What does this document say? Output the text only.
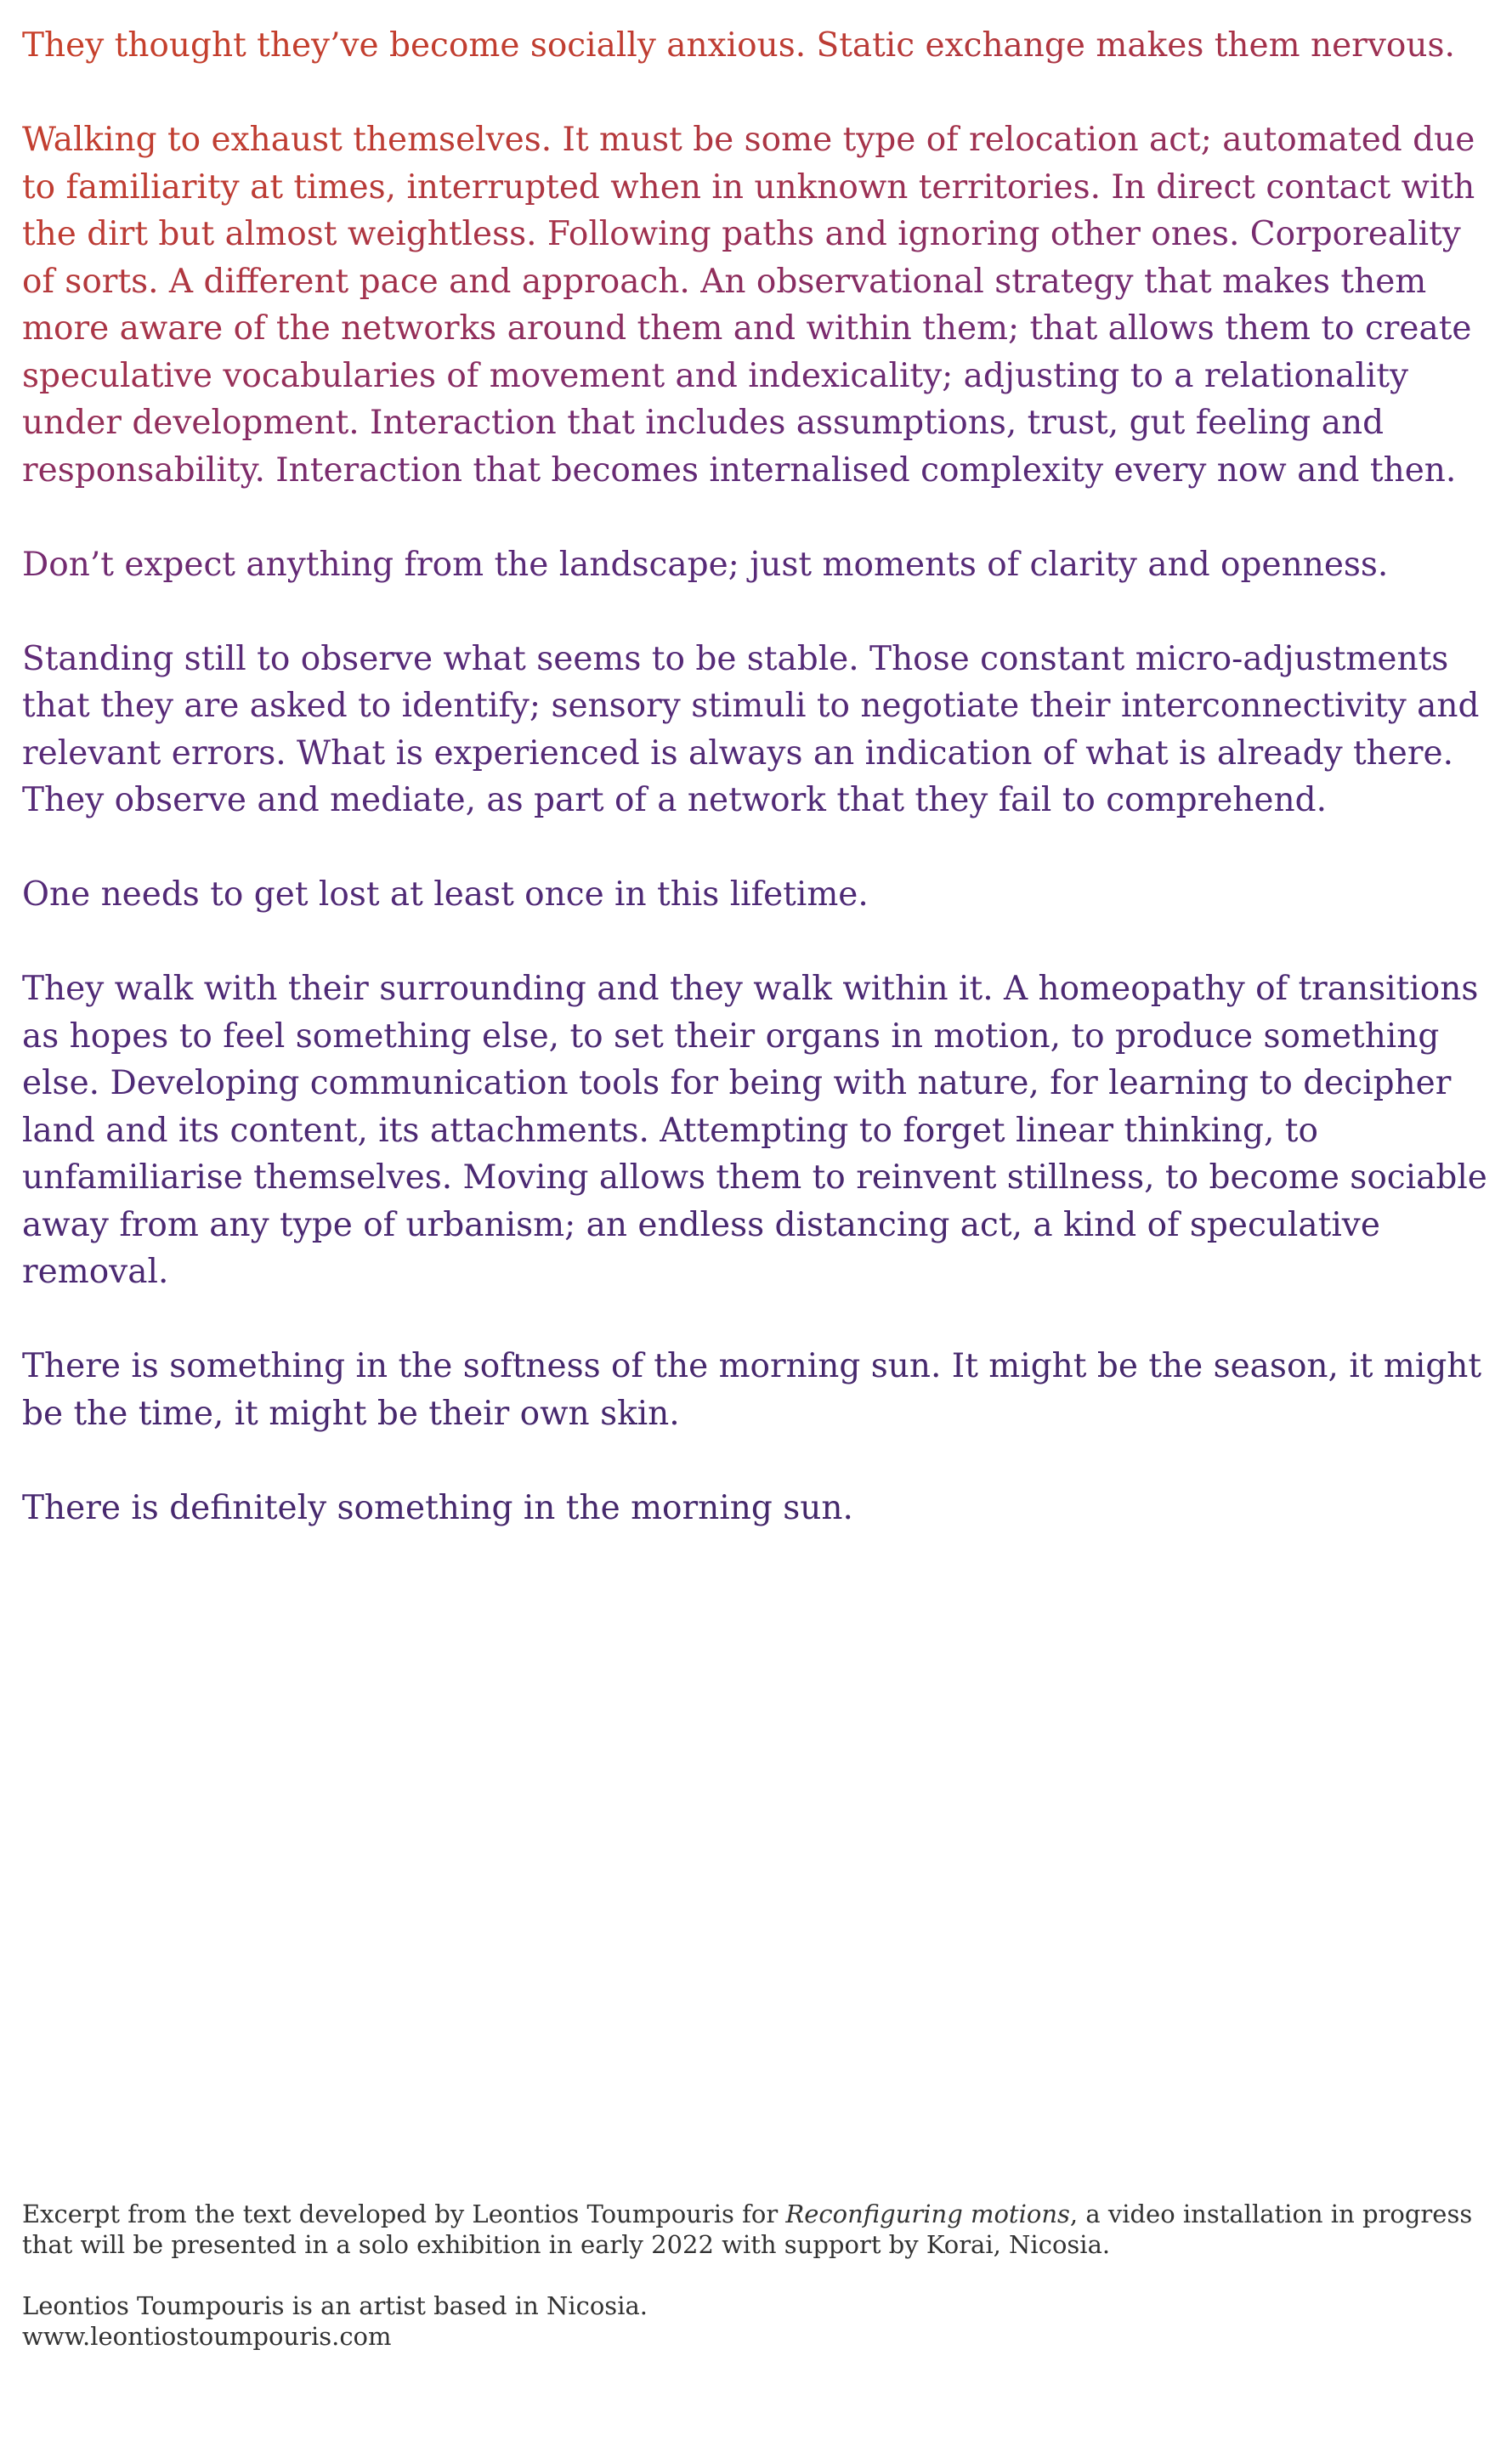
They thought they’ve become socially anxious. Static exchange makes them nervous.

Walking to exhaust themselves. It must be some type of relocation act; automated due to familiarity at times, interrupted when in unknown territories. In direct contact with the dirt but almost weightless. Following paths and ignoring other ones. Corporeality of sorts. A different pace and approach. An observational strategy that makes them more aware of the networks around them and within them; that allows them to create speculative vocabularies of movement and indexicality; adjusting to a relationality under development. Interaction that includes assumptions, trust, gut feeling and responsability. Interaction that becomes internalised complexity every now and then.

Don’t expect anything from the landscape; just moments of clarity and openness.

Standing still to observe what seems to be stable. Those constant micro-adjustments that they are asked to identify; sensory stimuli to negotiate their interconnectivity and relevant errors. What is experienced is always an indication of what is already there. They observe and mediate, as part of a network that they fail to comprehend.

One needs to get lost at least once in this lifetime.

They walk with their surrounding and they walk within it. A homeopathy of transitions as hopes to feel something else, to set their organs in motion, to produce something else. Developing communication tools for being with nature, for learning to decipher land and its content, its attachments. Attempting to forget linear thinking, to unfamiliarise themselves. Moving allows them to reinvent stillness, to become sociable away from any type of urbanism; an endless distancing act, a kind of speculative removal.

There is something in the softness of the morning sun. It might be the season, it might be the time, it might be their own skin.

There is definitely something in the morning sun.

Excerpt from the text developed by Leontios Toumpouris for Reconfiguring motions, a video installation in progress that will be presented in a solo exhibition in early 2022 with support by Korai, Nicosia.

Leontios Toumpouris is an artist based in Nicosia.
www.leontiostoumpouris.com
